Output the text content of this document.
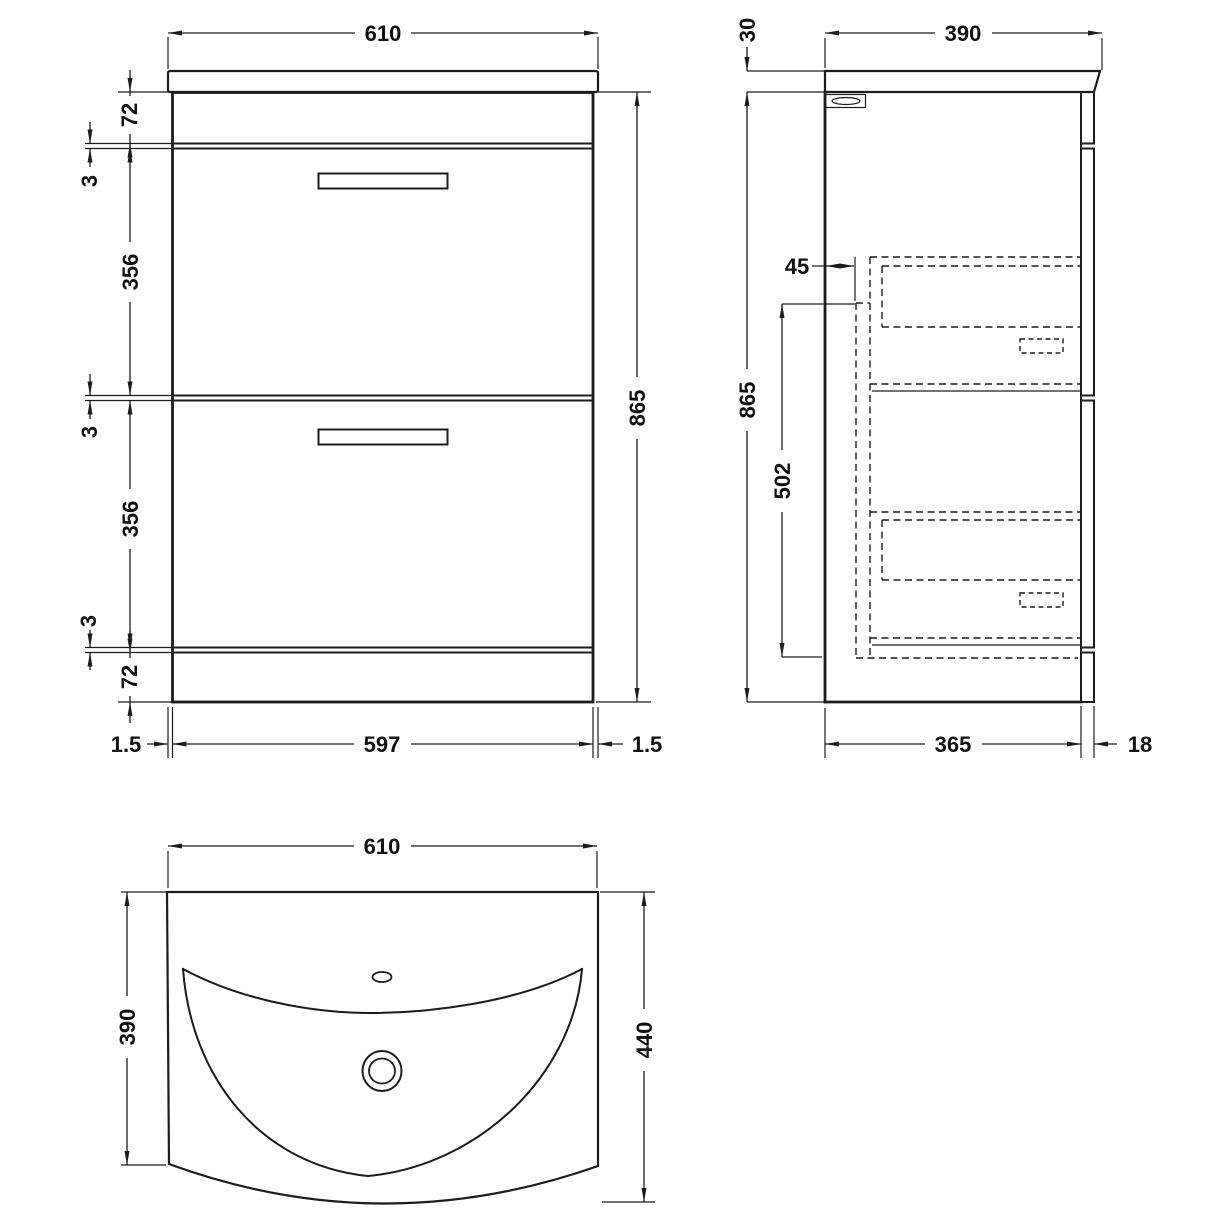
610
72
3
356
3
356
3
72
865
1.5	597	1.5
30
865
390
45
502
365	18
610
390	440
